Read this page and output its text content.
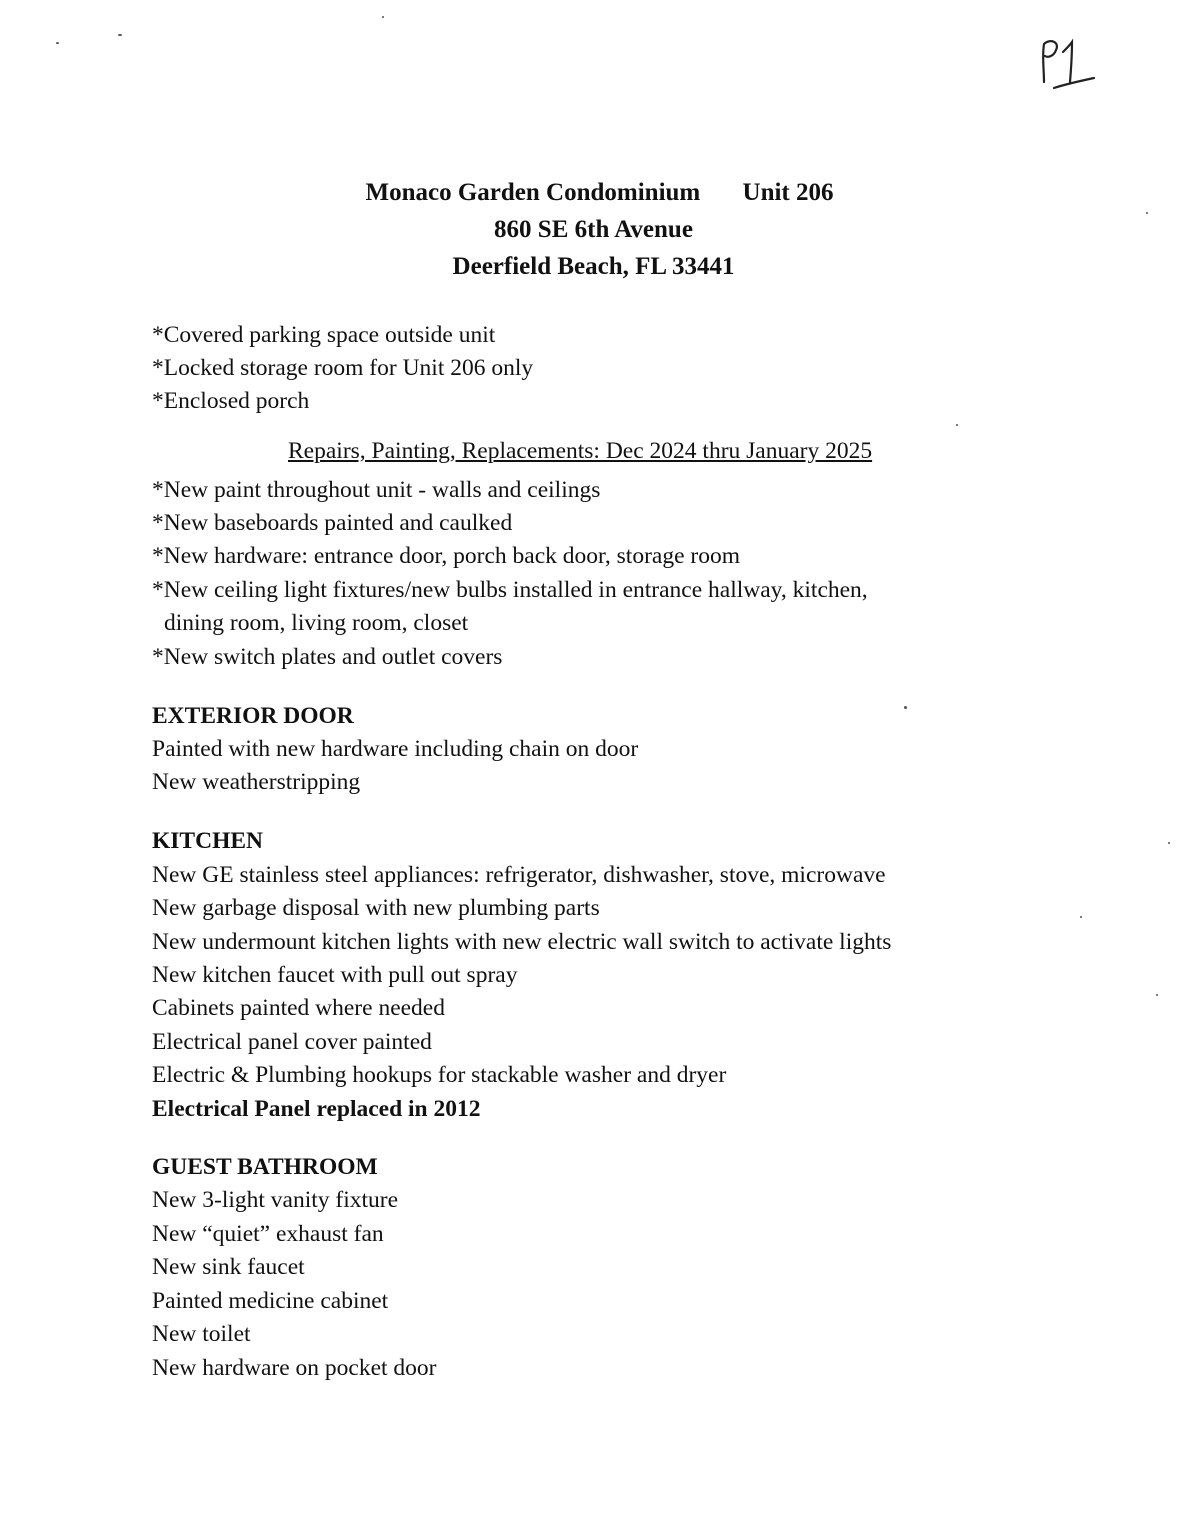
Monaco Garden Condominium Unit 206
860 SE 6th Avenue
Deerfield Beach, FL 33441
*Covered parking space outside unit
*Locked storage room for Unit 206 only
*Enclosed porch
Repairs, Painting, Replacements: Dec 2024 thru January 2025
*New paint throughout unit - walls and ceilings
*New baseboards painted and caulked
*New hardware: entrance door, porch back door, storage room
*New ceiling light fixtures/new bulbs installed in entrance hallway, kitchen,
dining room, living room, closet
*New switch plates and outlet covers
EXTERIOR DOOR
Painted with new hardware including chain on door
New weatherstripping
KITCHEN
New GE stainless steel appliances: refrigerator, dishwasher, stove, microwave
New garbage disposal with new plumbing parts
New undermount kitchen lights with new electric wall switch to activate lights
New kitchen faucet with pull out spray
Cabinets painted where needed
Electrical panel cover painted
Electric & Plumbing hookups for stackable washer and dryer
Electrical Panel replaced in 2012
GUEST BATHROOM
New 3-light vanity fixture
New “quiet” exhaust fan
New sink faucet
Painted medicine cabinet
New toilet
New hardware on pocket door
